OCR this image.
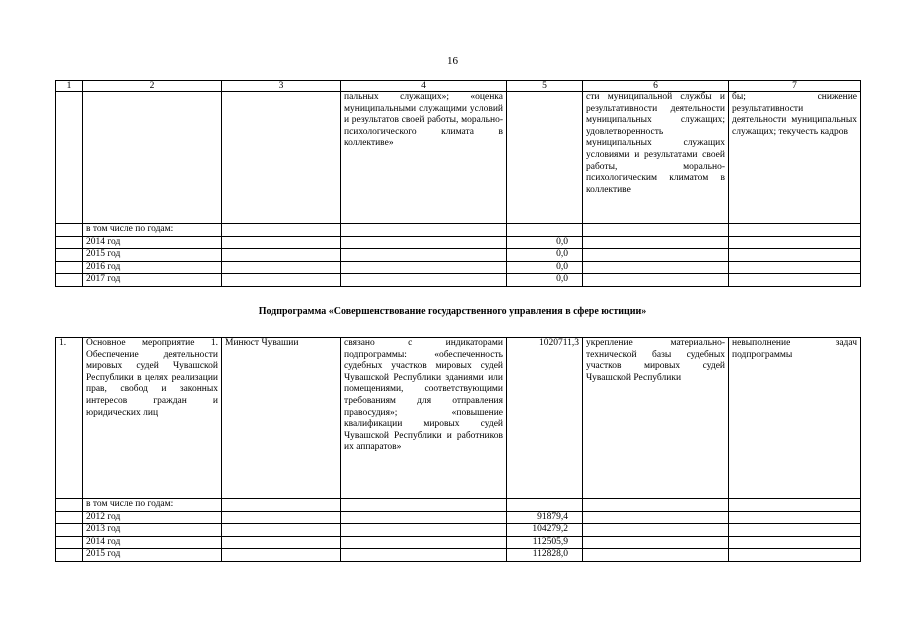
16
1	2	3	4	5	6	7
			пальных служащих»; «оценка муниципальными служащими условий и результатов своей работы, морально-психологического климата в коллективе»		сти муниципальной службы и результативности деятельности муниципальных служащих; удовлетворенность муниципальных служащих условиями и результатами своей работы, морально-психологическим климатом в коллективе	бы; снижение результативности деятельности муниципальных служащих; текучесть кадров
	в том числе по годам:					
	2014 год			0,0		
	2015 год			0,0		
	2016 год			0,0		
	2017 год			0,0		
Подпрограмма «Совершенствование государственного управления в сфере юстиции»
1.	Основное мероприятие 1. Обеспечение деятельности мировых судей Чувашской Республики в целях реализации прав, свобод и законных интересов граждан и юридических лиц	Минюст Чувашии	связано с индикаторами подпрограммы: «обеспеченность судебных участков мировых судей Чувашской Республики зданиями или помещениями, соответствующими требованиям для отправления правосудия»; «повышение квалификации мировых судей Чувашской Республики и работников их аппаратов»	1020711,3	укрепление материально-технической базы судебных участков мировых судей Чувашской Республики	невыполнение задач подпрограммы
	в том числе по годам:					
	2012 год			91879,4		
	2013 год			104279,2		
	2014 год			112505,9		
	2015 год			112828,0		
